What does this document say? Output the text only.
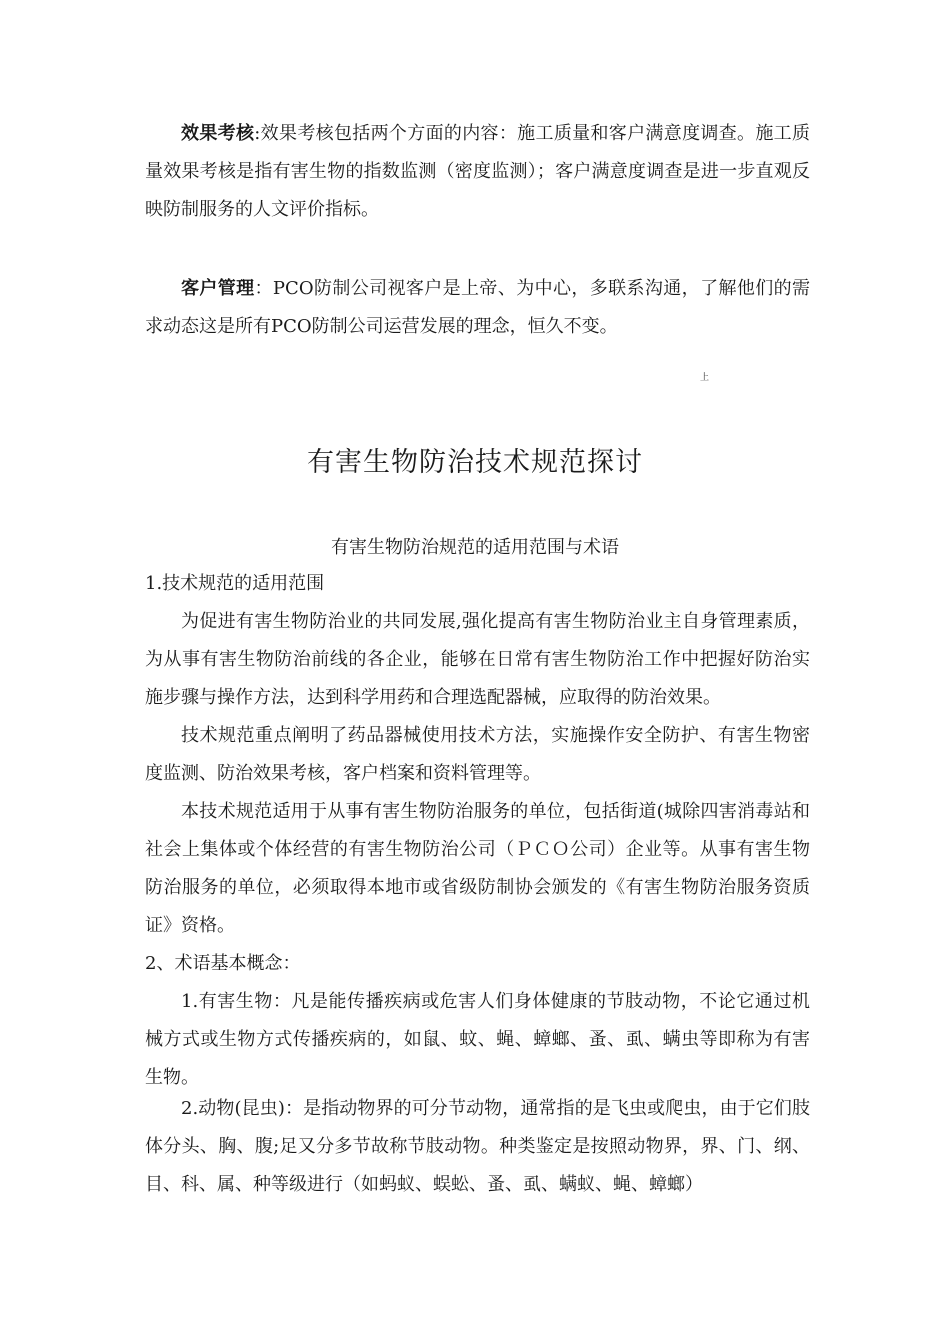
效果考核:效果考核包括两个方面的内容：施工质量和客户满意度调查。施工质量效果考核是指有害生物的指数监测（密度监测）；客户满意度调查是进一步直观反映防制服务的人文评价指标。
客户管理：PCO防制公司视客户是上帝、为中心，多联系沟通，了解他们的需求动态这是所有PCO防制公司运营发展的理念，恒久不变。
上
有害生物防治技术规范探讨
有害生物防治规范的适用范围与术语
1.技术规范的适用范围
为促进有害生物防治业的共同发展,强化提高有害生物防治业主自身管理素质，为从事有害生物防治前线的各企业，能够在日常有害生物防治工作中把握好防治实施步骤与操作方法，达到科学用药和合理选配器械，应取得的防治效果。
技术规范重点阐明了药品器械使用技术方法，实施操作安全防护、有害生物密度监测、防治效果考核，客户档案和资料管理等。
本技术规范适用于从事有害生物防治服务的单位，包括街道(城除四害消毒站和社会上集体或个体经营的有害生物防治公司（ＰＣＯ公司）企业等。从事有害生物防治服务的单位，必须取得本地市或省级防制协会颁发的《有害生物防治服务资质证》资格。
2、术语基本概念：
1.有害生物：凡是能传播疾病或危害人们身体健康的节肢动物，不论它通过机械方式或生物方式传播疾病的，如鼠、蚊、蝇、蟑螂、蚤、虱、螨虫等即称为有害生物。
2.动物(昆虫)：是指动物界的可分节动物，通常指的是飞虫或爬虫，由于它们肢体分头、胸、腹;足又分多节故称节肢动物。种类鉴定是按照动物界，界、门、纲、目、科、属、种等级进行（如蚂蚁、蜈蚣、蚤、虱、螨蚁、蝇、蟑螂）
